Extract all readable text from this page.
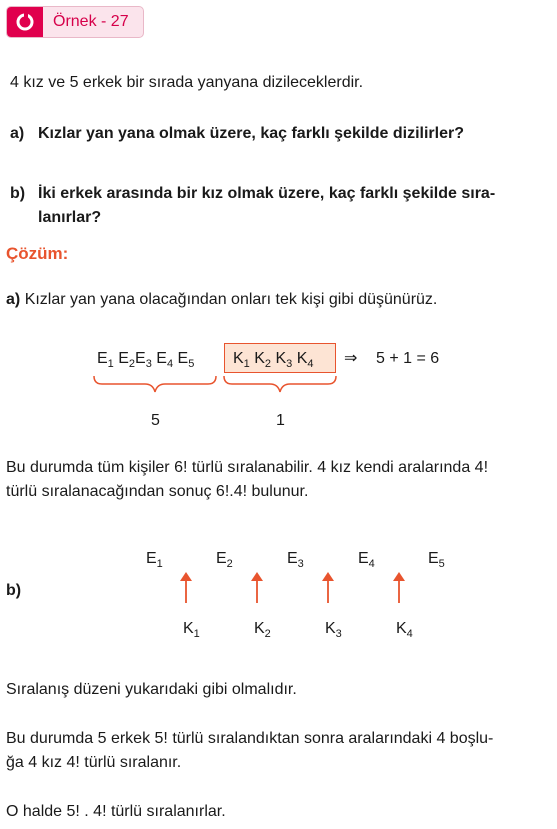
Örnek - 27
4 kız ve 5 erkek bir sırada yanyana dizileceklerdir.
a) Kızlar yan yana olmak üzere, kaç farklı şekilde dizilirler?
b) İki erkek arasında bir kız olmak üzere, kaç farklı şekilde sıra-
lanırlar?
Çözüm:
a) Kızlar yan yana olacağından onları tek kişi gibi düşünürüz.
$E_1$ $E_2E_3$ $E_4$ $E_5$ $K_1$ $K_2$ $K_3$ $K_4$ ⇒ 5 + 1 = 6
5	1
Bu durumda tüm kişiler 6! türlü sıralanabilir. 4 kız kendi aralarında 4!
türlü sıralanacağından sonuç 6!.4! bulunur.
b)
$E_1$	$E_2$	$E_3$	$E_4$	$E_5$
$K_1$	$K_2$	$K_3$	$K_4$
Sıralanış düzeni yukarıdaki gibi olmalıdır.
Bu durumda 5 erkek 5! türlü sıralandıktan sonra aralarındaki 4 boşlu-
ğa 4 kız 4! türlü sıralanır.
O halde 5! . 4! türlü sıralanırlar.
